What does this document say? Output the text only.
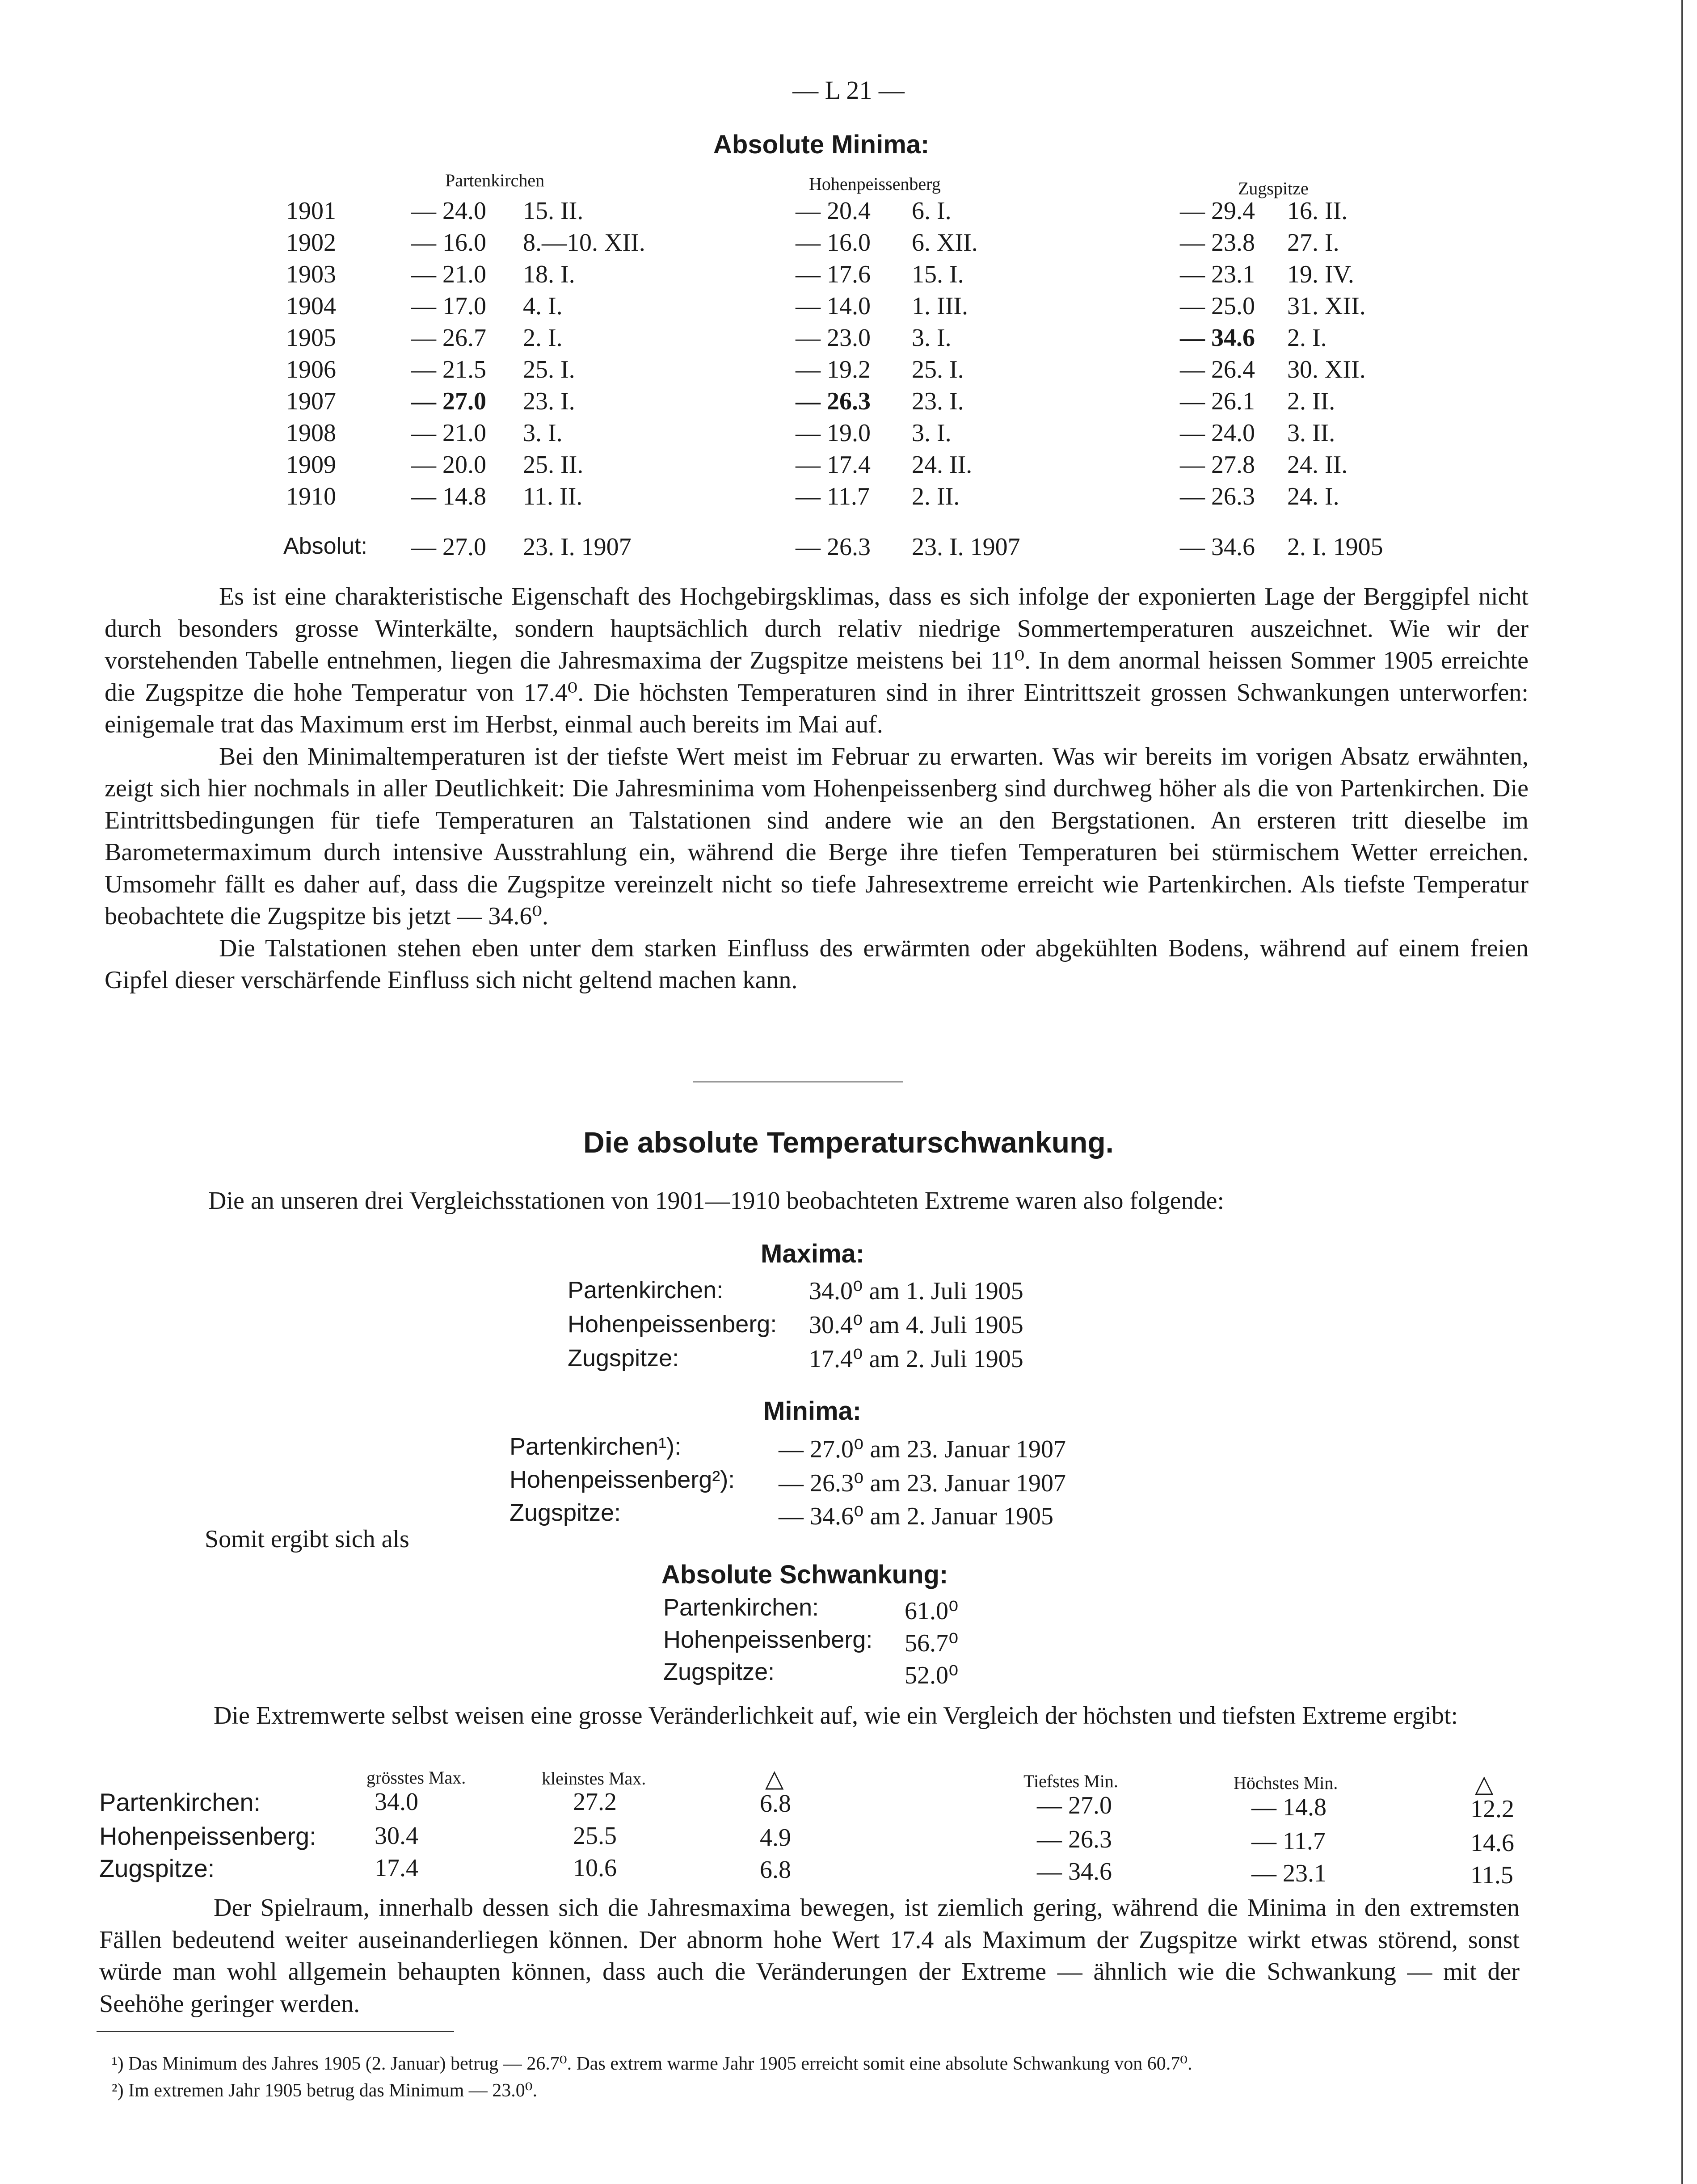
— L 21 —
Absolute Minima:
Partenkirchen	Hohenpeissenberg	Zugspitze
1901	— 24.0 15. II.	— 20.4 6. I.	— 29.4 16. II.
1902	— 16.0 8.—10. XII.	— 16.0 6. XII.	— 23.8 27. I.
1903	— 21.0 18. I.	— 17.6 15. I.	— 23.1 19. IV.
1904	— 17.0 4. I.	— 14.0 1. III.	— 25.0 31. XII.
1905	— 26.7 2. I.	— 23.0 3. I.	— 34.6 2. I.
1906	— 21.5 25. I.	— 19.2 25. I.	— 26.4 30. XII.
1907	— 27.0 23. I.	— 26.3 23. I.	— 26.1 2. II.
1908	— 21.0 3. I.	— 19.0 3. I.	— 24.0 3. II.
1909	— 20.0 25. II.	— 17.4 24. II.	— 27.8 24. II.
1910	— 14.8 11. II.	— 11.7 2. II.	— 26.3 24. I.
Absolut: — 27.0 23. I. 1907	— 26.3 23. I. 1907	— 34.6 2. I. 1905

Es ist eine charakteristische Eigenschaft des Hochgebirgsklimas, dass es sich infolge der exponierten Lage der Berggipfel nicht durch besonders grosse Winterkälte, sondern hauptsächlich durch relativ niedrige Sommertemperaturen auszeichnet. Wie wir der vorstehenden Tabelle entnehmen, liegen die Jahresmaxima der Zugspitze meistens bei 11⁰. In dem anormal heissen Sommer 1905 erreichte die Zugspitze die hohe Temperatur von 17.4⁰. Die höchsten Temperaturen sind in ihrer Eintrittszeit grossen Schwankungen unterworfen: einigemale trat das Maximum erst im Herbst, einmal auch bereits im Mai auf.

Bei den Minimaltemperaturen ist der tiefste Wert meist im Februar zu erwarten. Was wir bereits im vorigen Absatz erwähnten, zeigt sich hier nochmals in aller Deutlichkeit: Die Jahresminima vom Hohenpeissenberg sind durchweg höher als die von Partenkirchen. Die Eintrittsbedingungen für tiefe Temperaturen an Talstationen sind andere wie an den Bergstationen. An ersteren tritt dieselbe im Barometermaximum durch intensive Ausstrahlung ein, während die Berge ihre tiefen Temperaturen bei stürmischem Wetter erreichen. Umsomehr fällt es daher auf, dass die Zugspitze vereinzelt nicht so tiefe Jahresextreme erreicht wie Partenkirchen. Als tiefste Temperatur beobachtete die Zugspitze bis jetzt — 34.6⁰.

Die Talstationen stehen eben unter dem starken Einfluss des erwärmten oder abgekühlten Bodens, während auf einem freien Gipfel dieser verschärfende Einfluss sich nicht geltend machen kann.

Die absolute Temperaturschwankung.
Die an unseren drei Vergleichsstationen von 1901—1910 beobachteten Extreme waren also folgende:
Maxima:
Partenkirchen:	34.0⁰ am 1. Juli 1905
Hohenpeissenberg: 30.4⁰ am 4. Juli 1905
Zugspitze:	17.4⁰ am 2. Juli 1905
Minima:
Partenkirchen¹):	— 27.0⁰ am 23. Januar 1907
Hohenpeissenberg²): — 26.3⁰ am 23. Januar 1907
Zugspitze:	— 34.6⁰ am 2. Januar 1905
Somit ergibt sich als
Absolute Schwankung:
Partenkirchen:	61.0⁰
Hohenpeissenberg: 56.7⁰
Zugspitze:	52.0⁰

Die Extremwerte selbst weisen eine grosse Veränderlichkeit auf, wie ein Vergleich der höchsten und tiefsten Extreme ergibt:

grösstes Max.	kleinstes Max.	△	Tiefstes Min.	Höchstes Min.	△
Partenkirchen:	34.0	27.2	6.8	— 27.0	— 14.8	12.2
Hohenpeissenberg: 30.4	25.5	4.9	— 26.3	— 11.7	14.6
Zugspitze:	17.4	10.6	6.8	— 34.6	— 23.1	11.5

Der Spielraum, innerhalb dessen sich die Jahresmaxima bewegen, ist ziemlich gering, während die Minima in den extremsten Fällen bedeutend weiter auseinanderliegen können. Der abnorm hohe Wert 17.4 als Maximum der Zugspitze wirkt etwas störend, sonst würde man wohl allgemein behaupten können, dass auch die Veränderungen der Extreme — ähnlich wie die Schwankung — mit der Seehöhe geringer werden.

¹) Das Minimum des Jahres 1905 (2. Januar) betrug — 26.7⁰. Das extrem warme Jahr 1905 erreicht somit eine absolute Schwankung von 60.7⁰.
²) Im extremen Jahr 1905 betrug das Minimum — 23.0⁰.
